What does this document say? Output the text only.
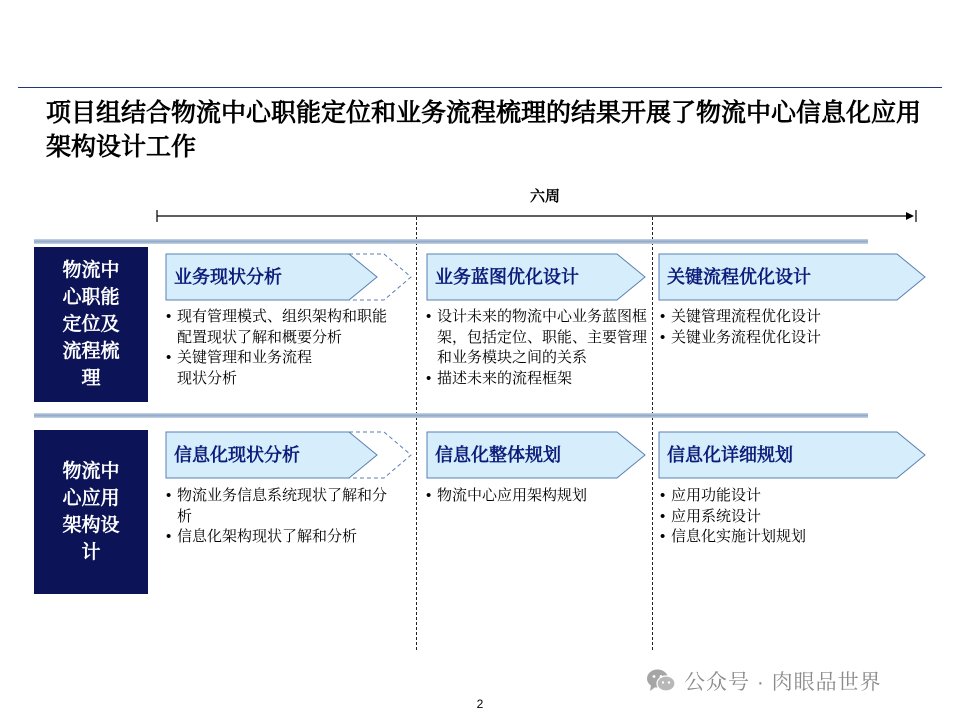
项目组结合物流中心职能定位和业务流程梳理的结果开展了物流中心信息化应用架构设计工作
六周
物流中心职能定位及流程梳理
业务现状分析
• 现有管理模式、组织架构和职能配置现状了解和概要分析
• 关键管理和业务流程现状分析
业务蓝图优化设计
• 设计未来的物流中心业务蓝图框架，包括定位、职能、主要管理和业务模块之间的关系
• 描述未来的流程框架
关键流程优化设计
• 关键管理流程优化设计
• 关键业务流程优化设计
物流中心应用架构设计
信息化现状分析
• 物流业务信息系统现状了解和分析
• 信息化架构现状了解和分析
信息化整体规划
• 物流中心应用架构规划
信息化详细规划
• 应用功能设计
• 应用系统设计
• 信息化实施计划规划
2
公众号 · 肉眼品世界
